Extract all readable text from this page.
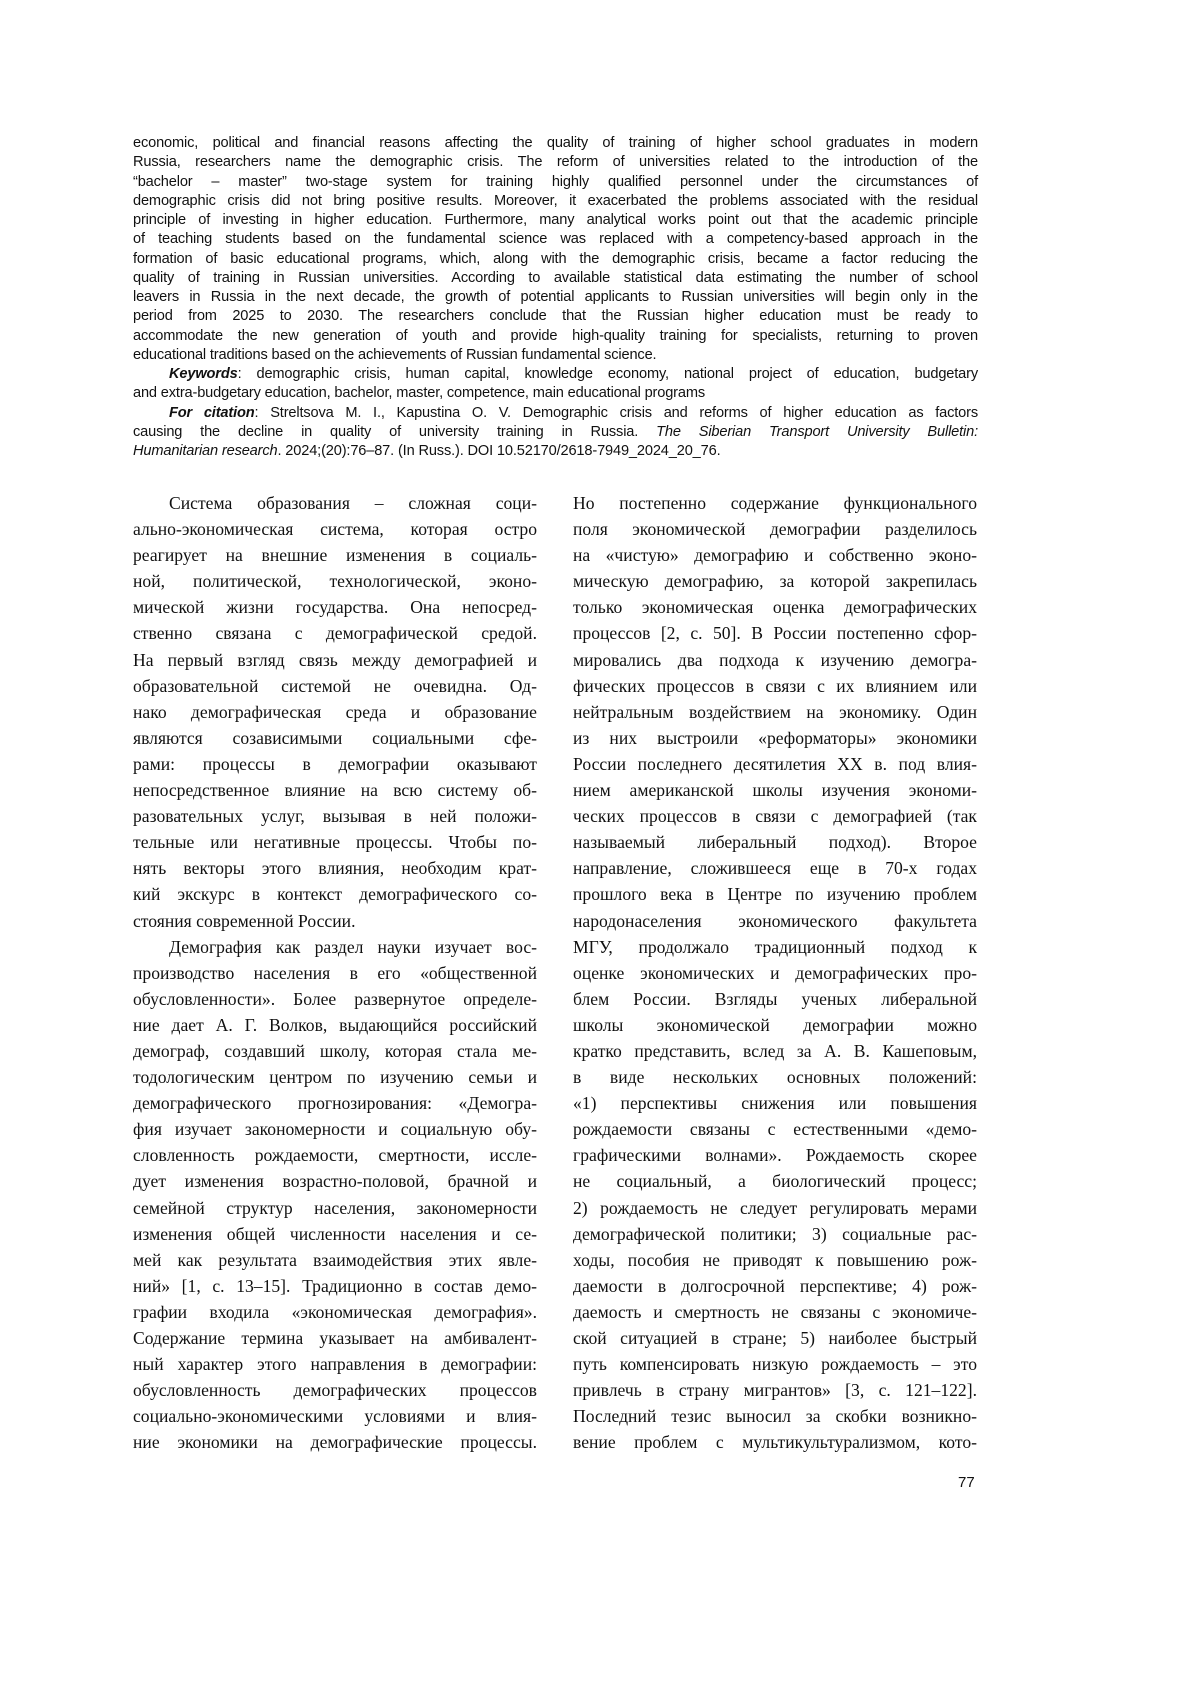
economic, political and financial reasons affecting the quality of training of higher school graduates in modern
Russia, researchers name the demographic crisis. The reform of universities related to the introduction of the
“bachelor – master” two-stage system for training highly qualified personnel under the circumstances of
demographic crisis did not bring positive results. Moreover, it exacerbated the problems associated with the residual
principle of investing in higher education. Furthermore, many analytical works point out that the academic principle
of teaching students based on the fundamental science was replaced with a competency-based approach in the
formation of basic educational programs, which, along with the demographic crisis, became a factor reducing the
quality of training in Russian universities. According to available statistical data estimating the number of school
leavers in Russia in the next decade, the growth of potential applicants to Russian universities will begin only in the
period from 2025 to 2030. The researchers conclude that the Russian higher education must be ready to
accommodate the new generation of youth and provide high-quality training for specialists, returning to proven
educational traditions based on the achievements of Russian fundamental science.
Keywords: demographic crisis, human capital, knowledge economy, national project of education, budgetary
and extra-budgetary education, bachelor, master, competence, main educational programs
For citation: Streltsova M. I., Kapustina O. V. Demographic crisis and reforms of higher education as factors
causing the decline in quality of university training in Russia. The Siberian Transport University Bulletin:
Humanitarian research. 2024;(20):76–87. (In Russ.). DOI 10.52170/2618-7949_2024_20_76.
Система образования – сложная соци-
ально-экономическая система, которая остро
реагирует на внешние изменения в социаль-
ной, политической, технологической, эконо-
мической жизни государства. Она непосред-
ственно связана с демографической средой.
На первый взгляд связь между демографией и
образовательной системой не очевидна. Од-
нако демографическая среда и образование
являются созависимыми социальными сфе-
рами: процессы в демографии оказывают
непосредственное влияние на всю систему об-
разовательных услуг, вызывая в ней положи-
тельные или негативные процессы. Чтобы по-
нять векторы этого влияния, необходим крат-
кий экскурс в контекст демографического со-
стояния современной России.
Демография как раздел науки изучает вос-
производство населения в его «общественной
обусловленности». Более развернутое определе-
ние дает А. Г. Волков, выдающийся российский
демограф, создавший школу, которая стала ме-
тодологическим центром по изучению семьи и
демографического прогнозирования: «Демогра-
фия изучает закономерности и социальную обу-
словленность рождаемости, смертности, иссле-
дует изменения возрастно-половой, брачной и
семейной структур населения, закономерности
изменения общей численности населения и се-
мей как результата взаимодействия этих явле-
ний» [1, с. 13–15]. Традиционно в состав демо-
графии входила «экономическая демография».
Содержание термина указывает на амбивалент-
ный характер этого направления в демографии:
обусловленность демографических процессов
социально-экономическими условиями и влия-
ние экономики на демографические процессы.
Но постепенно содержание функционального
поля экономической демографии разделилось
на «чистую» демографию и собственно эконо-
мическую демографию, за которой закрепилась
только экономическая оценка демографических
процессов [2, с. 50]. В России постепенно сфор-
мировались два подхода к изучению демогра-
фических процессов в связи с их влиянием или
нейтральным воздействием на экономику. Один
из них выстроили «реформаторы» экономики
России последнего десятилетия XX в. под влия-
нием американской школы изучения экономи-
ческих процессов в связи с демографией (так
называемый либеральный подход). Второе
направление, сложившееся еще в 70-х годах
прошлого века в Центре по изучению проблем
народонаселения экономического факультета
МГУ, продолжало традиционный подход к
оценке экономических и демографических про-
блем России. Взгляды ученых либеральной
школы экономической демографии можно
кратко представить, вслед за А. В. Кашеповым,
в виде нескольких основных положений:
«1) перспективы снижения или повышения
рождаемости связаны с естественными «демо-
графическими волнами». Рождаемость скорее
не социальный, а биологический процесс;
2) рождаемость не следует регулировать мерами
демографической политики; 3) социальные рас-
ходы, пособия не приводят к повышению рож-
даемости в долгосрочной перспективе; 4) рож-
даемость и смертность не связаны с экономиче-
ской ситуацией в стране; 5) наиболее быстрый
путь компенсировать низкую рождаемость – это
привлечь в страну мигрантов» [3, с. 121–122].
Последний тезис выносил за скобки возникно-
вение проблем с мультикультурализмом, кото-
77
